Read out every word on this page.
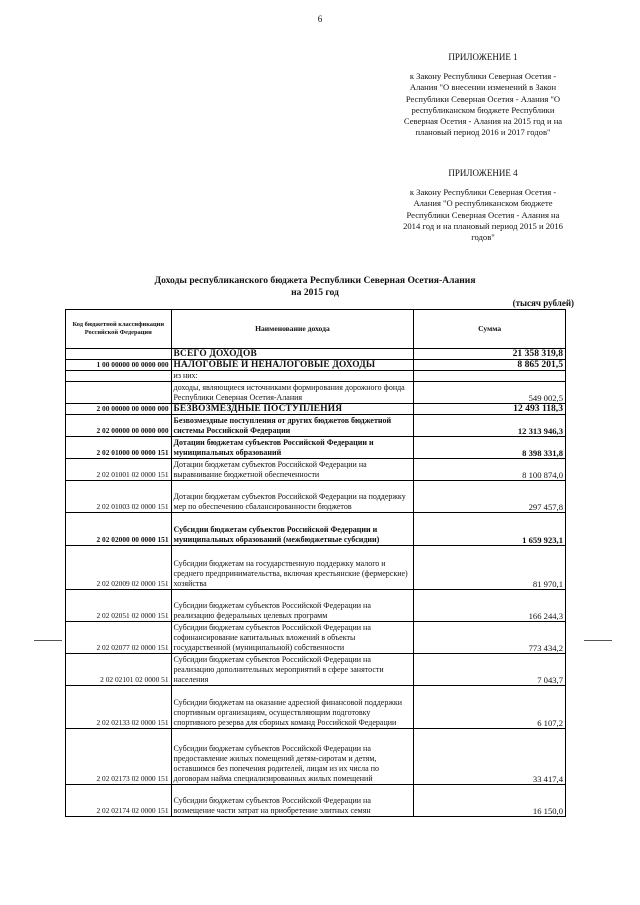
6
ПРИЛОЖЕНИЕ 1
к Закону Республики Северная Осетия - Алания "О внесении изменений в Закон Республики Северная Осетия - Алания "О республиканском бюджете Республики Северная Осетия - Алания на 2015 год и на плановый период 2016 и 2017 годов"
ПРИЛОЖЕНИЕ 4
к Закону Республики Северная Осетия - Алания "О республиканском бюджете Республики Северная Осетия - Алания на 2014 год и на плановый период 2015 и 2016 годов"
Доходы республиканского бюджета Республики Северная Осетия-Алания
на 2015 год
(тысяч рублей)
Код бюджетной классификации Российской Федерации	Наименование дохода	Сумма
	ВСЕГО ДОХОДОВ	21 358 319,8
1 00 00000 00 0000 000	НАЛОГОВЫЕ И НЕНАЛОГОВЫЕ ДОХОДЫ	8 865 201,5
	из них:	
	доходы, являющиеся источниками формирования дорожного фонда Республики Северная Осетия-Алания	549 002,5
2 00 00000 00 0000 000	БЕЗВОЗМЕЗДНЫЕ ПОСТУПЛЕНИЯ	12 493 118,3
2 02 00000 00 0000 000	Безвозмездные поступления от других бюджетов бюджетной системы Российской Федерации	12 313 946,3
2 02 01000 00 0000 151	Дотации бюджетам субъектов Российской Федерации и муниципальных образований	8 398 331,8
2 02 01001 02 0000 151	Дотации бюджетам субъектов Российской Федерации на выравнивание бюджетной обеспеченности	8 100 874,0
2 02 01003 02 0000 151	Дотации бюджетам субъектов Российской Федерации на поддержку мер по обеспечению сбалансированности бюджетов	297 457,8
2 02 02000 00 0000 151	Субсидии бюджетам субъектов Российской Федерации и муниципальных образований (межбюджетные субсидии)	1 659 923,1
2 02 02009 02 0000 151	Субсидии бюджетам на государственную поддержку малого и среднего предпринимательства, включая крестьянские (фермерские) хозяйства	81 970,1
2 02 02051 02 0000 151	Субсидии бюджетам субъектов Российской Федерации на реализацию федеральных целевых программ	166 244,3
2 02 02077 02 0000 151	Субсидии бюджетам субъектов Российской Федерации на софинансирование капитальных вложений в объекты государственной (муниципальной) собственности	773 434,2
2 02 02101 02 0000 51	Субсидии бюджетам субъектов Российской Федерации на реализацию дополнительных мероприятий в сфере занятости населения	7 043,7
2 02 02133 02 0000 151	Субсидии бюджетам на оказание адресной финансовой поддержки спортивным организациям, осуществляющим подготовку спортивного резерва для сборных команд Российской Федерации	6 107,2
2 02 02173 02 0000 151	Субсидии бюджетам субъектов Российской Федерации на предоставление жилых помещений детям-сиротам и детям, оставшимся без попечения родителей, лицам из их числа по договорам найма специализированных жилых помещений	33 417,4
2 02 02174 02 0000 151	Субсидии бюджетам субъектов Российской Федерации на возмещение части затрат на приобретение элитных семян	16 150,0
